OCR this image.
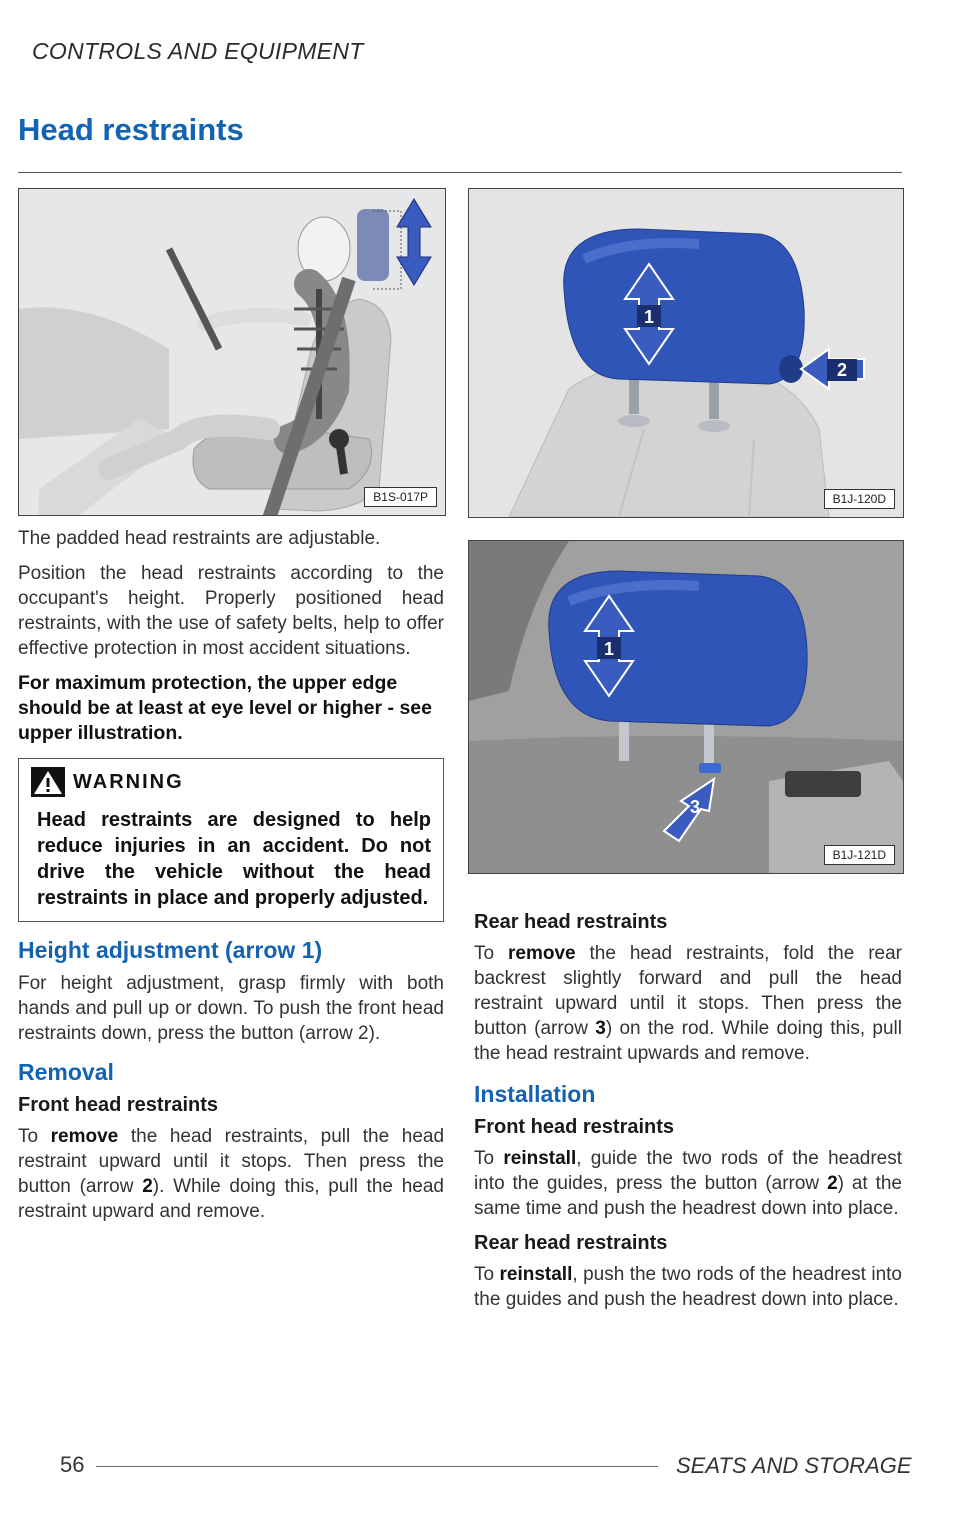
CONTROLS AND EQUIPMENT
Head restraints
B1S-017P

The padded head restraints are adjustable.

Position the head restraints according to the occupant's height. Properly positioned head restraints, with the use of safety belts, help to offer effective protection in most accident situations.

For maximum protection, the upper edge should be at least at eye level or higher - see upper illustration.

WARNING
Head restraints are designed to help reduce injuries in an accident. Do not drive the vehicle without the head restraints in place and properly adjusted.
Height adjustment (arrow 1)

For height adjustment, grasp firmly with both hands and pull up or down. To push the front head restraints down, press the button (arrow 2).

Removal
Front head restraints

To remove the head restraints, pull the head restraint upward until it stops. Then press the button (arrow 2). While doing this, pull the head restraint upward and remove.

1
2
B1J-120D
1
3
B1J-121D
Rear head restraints

To remove the head restraints, fold the rear backrest slightly forward and pull the head restraint upward until it stops. Then press the button (arrow 3) on the rod. While doing this, pull the head restraint upwards and remove.

Installation
Front head restraints

To reinstall, guide the two rods of the headrest into the guides, press the button (arrow 2) at the same time and push the headrest down into place.

Rear head restraints

To reinstall, push the two rods of the headrest into the guides and push the headrest down into place.

56	SEATS AND STORAGE
